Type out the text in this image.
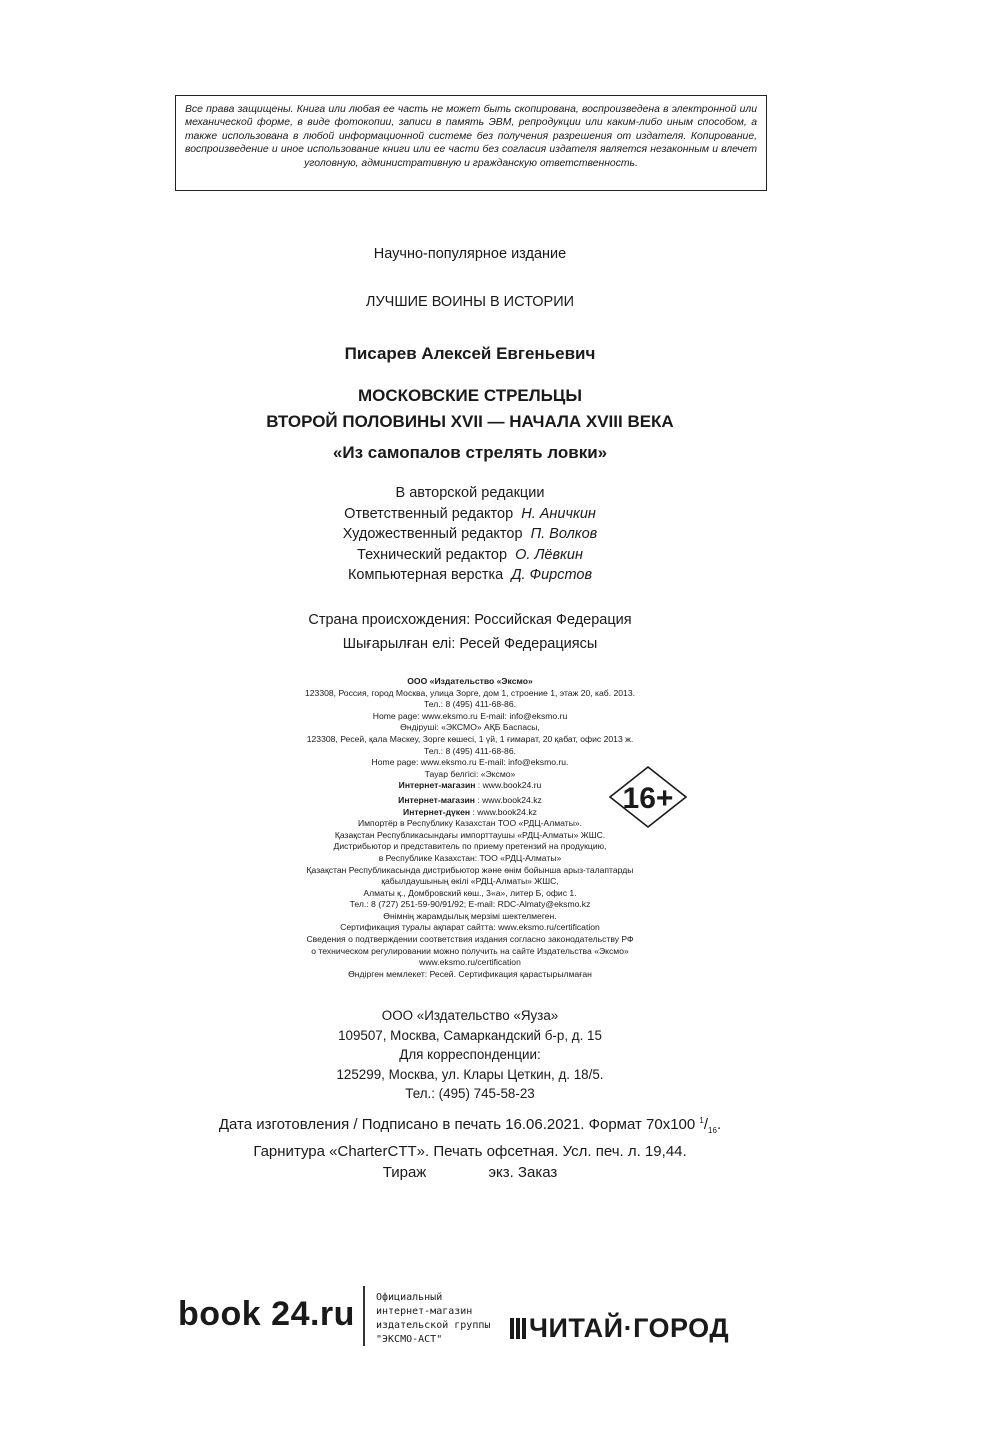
Все права защищены. Книга или любая ее часть не может быть скопирована, воспроизведена в электронной или механической форме, в виде фотокопии, записи в память ЭВМ, репродукции или каким-либо иным способом, а также использована в любой информационной системе без получения разрешения от издателя. Копирование, воспроизведение и иное использование книги или ее части без согласия издателя является незаконным и влечет уголовную, административную и гражданскую ответственность.
Научно-популярное издание
ЛУЧШИЕ ВОИНЫ В ИСТОРИИ
Писарев Алексей Евгеньевич
МОСКОВСКИЕ СТРЕЛЬЦЫ
ВТОРОЙ ПОЛОВИНЫ XVII — НАЧАЛА XVIII ВЕКА
«Из самопалов стрелять ловки»
В авторской редакции
Ответственный редактор Н. Аничкин
Художественный редактор П. Волков
Технический редактор О. Лёвкин
Компьютерная верстка Д. Фирстов
Страна происхождения: Российская Федерация
Шығарылған елі: Ресей Федерациясы
ООО «Издательство «Эксмо»
123308, Россия, город Москва, улица Зорге, дом 1, строение 1, этаж 20, каб. 2013.
Тел.: 8 (495) 411-68-86.
Home page: www.eksmo.ru E-mail: info@eksmo.ru
Өндіруші: «ЭКСМО» АҚБ Баспасы,
123308, Ресей, қала Мәскеу, Зорге көшесі, 1 үй, 1 ғимарат, 20 қабат, офис 2013 ж.
Тел.: 8 (495) 411-68-86.
Home page: www.eksmo.ru E-mail: info@eksmo.ru.
Тауар белгісі: «Эксмо»
Интернет-магазин : www.book24.ru
Интернет-магазин : www.book24.kz
Интернет-дүкен : www.book24.kz
Импортёр в Республику Казахстан ТОО «РДЦ-Алматы».
Қазақстан Республикасындағы импорттаушы «РДЦ-Алматы» ЖШС.
Дистрибьютор и представитель по приему претензий на продукцию,
в Республике Казахстан: ТОО «РДЦ-Алматы»
Қазақстан Республикасында дистрибьютор және өнім бойынша арыз-талаптарды
қабылдаушының өкілі «РДЦ-Алматы» ЖШС,
Алматы қ., Домбровский көш., 3«а», литер Б, офис 1.
Тел.: 8 (727) 251-59-90/91/92; E-mail: RDC-Almaty@eksmo.kz
Өнімнің жарамдылық мерзімі шектелмеген.
Сертификация туралы ақпарат сайтта: www.eksmo.ru/certification
Сведения о подтверждении соответствия издания согласно законодательству РФ
о техническом регулировании можно получить на сайте Издательства «Эксмо»
www.eksmo.ru/certification
Өндірген мемлекет: Ресей. Сертификация қарастырылмаған
16+
ООО «Издательство «Яуза»
109507, Москва, Самаркандский б-р, д. 15
Для корреспонденции:
125299, Москва, ул. Клары Цеткин, д. 18/5.
Тел.: (495) 745-58-23
Дата изготовления / Подписано в печать 16.06.2021. Формат 70х100 $^1/_{16}$.
Гарнитура «CharterCTT». Печать офсетная. Усл. печ. л. 19,44.
Тираж	экз. Заказ
book 24.ru Официальный
интернет-магазин
издательской группы
"ЭКСМО-АСТ"	ЧИТАЙ·ГОРОД
